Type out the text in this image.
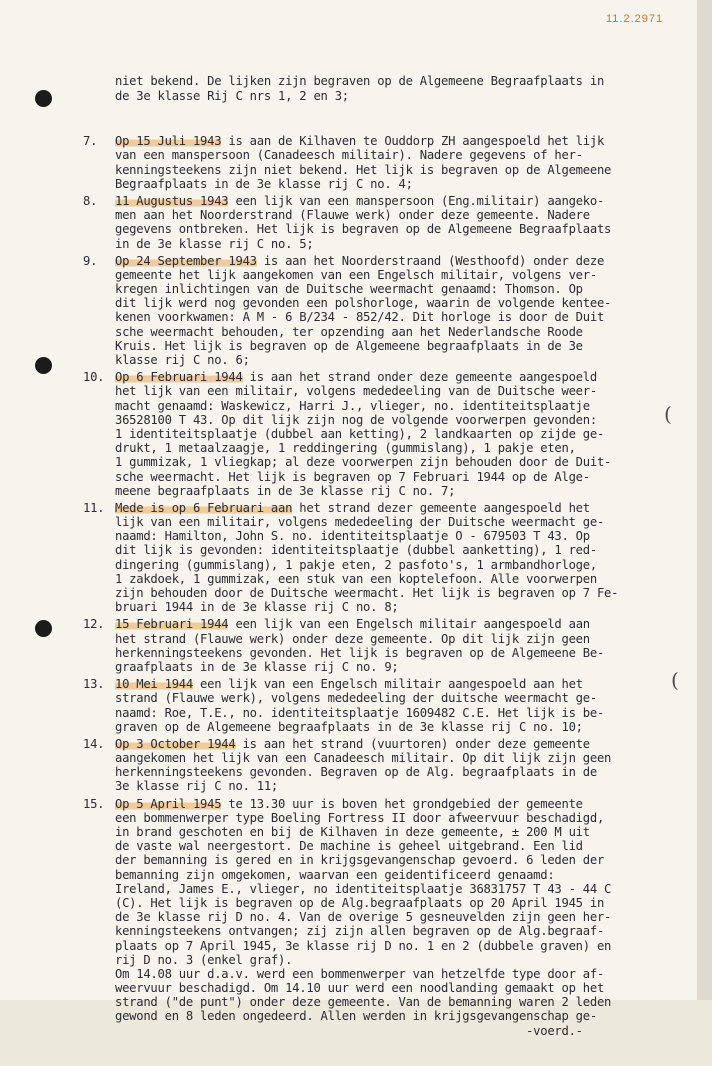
11.2.2971
(
(

niet bekend. De lijken zijn begraven op de Algemeene Begraafplaats in
de 3e klasse Rij C nrs 1, 2 en 3;

7. Op 15 Juli 1943 is aan de Kilhaven te Ouddorp ZH aangespoeld het lijk
van een manspersoon (Canadeesch militair). Nadere gegevens of her-
kenningsteekens zijn niet bekend. Het lijk is begraven op de Algemeene
Begraafplaats in de 3e klasse rij C no. 4;
8. 11 Augustus 1943 een lijk van een manspersoon (Eng.militair) aangeko-
men aan het Noorderstrand (Flauwe werk) onder deze gemeente. Nadere
gegevens ontbreken. Het lijk is begraven op de Algemeene Begraafplaats
in de 3e klasse rij C no. 5;
9. Op 24 September 1943 is aan het Noorderstraand (Westhoofd) onder deze
gemeente het lijk aangekomen van een Engelsch militair, volgens ver-
kregen inlichtingen van de Duitsche weermacht genaamd: Thomson. Op
dit lijk werd nog gevonden een polshorloge, waarin de volgende kentee-
kenen voorkwamen: A M - 6 B/234 - 852/42. Dit horloge is door de Duit
sche weermacht behouden, ter opzending aan het Nederlandsche Roode
Kruis. Het lijk is begraven op de Algemeene begraafplaats in de 3e
klasse rij C no. 6;
10. Op 6 Februari 1944 is aan het strand onder deze gemeente aangespoeld
het lijk van een militair, volgens mededeeling van de Duitsche weer-
macht genaamd: Waskewicz, Harri J., vlieger, no. identiteitsplaatje
36528100 T 43. Op dit lijk zijn nog de volgende voorwerpen gevonden:
1 identiteitsplaatje (dubbel aan ketting), 2 landkaarten op zijde ge-
drukt, 1 metaalzaagje, 1 reddingering (gummislang), 1 pakje eten,
1 gummizak, 1 vliegkap; al deze voorwerpen zijn behouden door de Duit-
sche weermacht. Het lijk is begraven op 7 Februari 1944 op de Alge-
meene begraafplaats in de 3e klasse rij C no. 7;
11. Mede is op 6 Februari aan het strand dezer gemeente aangespoeld het
lijk van een militair, volgens mededeeling der Duitsche weermacht ge-
naamd: Hamilton, John S. no. identiteitsplaatje O - 679503 T 43. Op
dit lijk is gevonden: identiteitsplaatje (dubbel aanketting), 1 red-
dingering (gummislang), 1 pakje eten, 2 pasfoto's, 1 armbandhorloge,
1 zakdoek, 1 gummizak, een stuk van een koptelefoon. Alle voorwerpen
zijn behouden door de Duitsche weermacht. Het lijk is begraven op 7 Fe-
bruari 1944 in de 3e klasse rij C no. 8;
12. 15 Februari 1944 een lijk van een Engelsch militair aangespoeld aan
het strand (Flauwe werk) onder deze gemeente. Op dit lijk zijn geen
herkenningsteekens gevonden. Het lijk is begraven op de Algemeene Be-
graafplaats in de 3e klasse rij C no. 9;
13. 10 Mei 1944 een lijk van een Engelsch militair aangespoeld aan het
strand (Flauwe werk), volgens mededeeling der duitsche weermacht ge-
naamd: Roe, T.E., no. identiteitsplaatje 1609482 C.E. Het lijk is be-
graven op de Algemeene begraafplaats in de 3e klasse rij C no. 10;
14. Op 3 October 1944 is aan het strand (vuurtoren) onder deze gemeente
aangekomen het lijk van een Canadeesch militair. Op dit lijk zijn geen
herkenningsteekens gevonden. Begraven op de Alg. begraafplaats in de
3e klasse rij C no. 11;
15. Op 5 April 1945 te 13.30 uur is boven het grondgebied der gemeente
een bommenwerper type Boeling Fortress II door afweervuur beschadigd,
in brand geschoten en bij de Kilhaven in deze gemeente, ± 200 M uit
de vaste wal neergestort. De machine is geheel uitgebrand. Een lid
der bemanning is gered en in krijgsgevangenschap gevoerd. 6 leden der
bemanning zijn omgekomen, waarvan een geidentificeerd genaamd:
Ireland, James E., vlieger, no identiteitsplaatje 36831757 T 43 - 44 C
(C). Het lijk is begraven op de Alg.begraafplaats op 20 April 1945 in
de 3e klasse rij D no. 4. Van de overige 5 gesneuvelden zijn geen her-
kenningsteekens ontvangen; zij zijn allen begraven op de Alg.begraaf-
plaats op 7 April 1945, 3e klasse rij D no. 1 en 2 (dubbele graven) en
rij D no. 3 (enkel graf).
Om 14.08 uur d.a.v. werd een bommenwerper van hetzelfde type door af-
weervuur beschadigd. Om 14.10 uur werd een noodlanding gemaakt op het
strand ("de punt") onder deze gemeente. Van de bemanning waren 2 leden
gewond en 8 leden ongedeerd. Allen werden in krijgsgevangenschap ge-
-voerd.-
